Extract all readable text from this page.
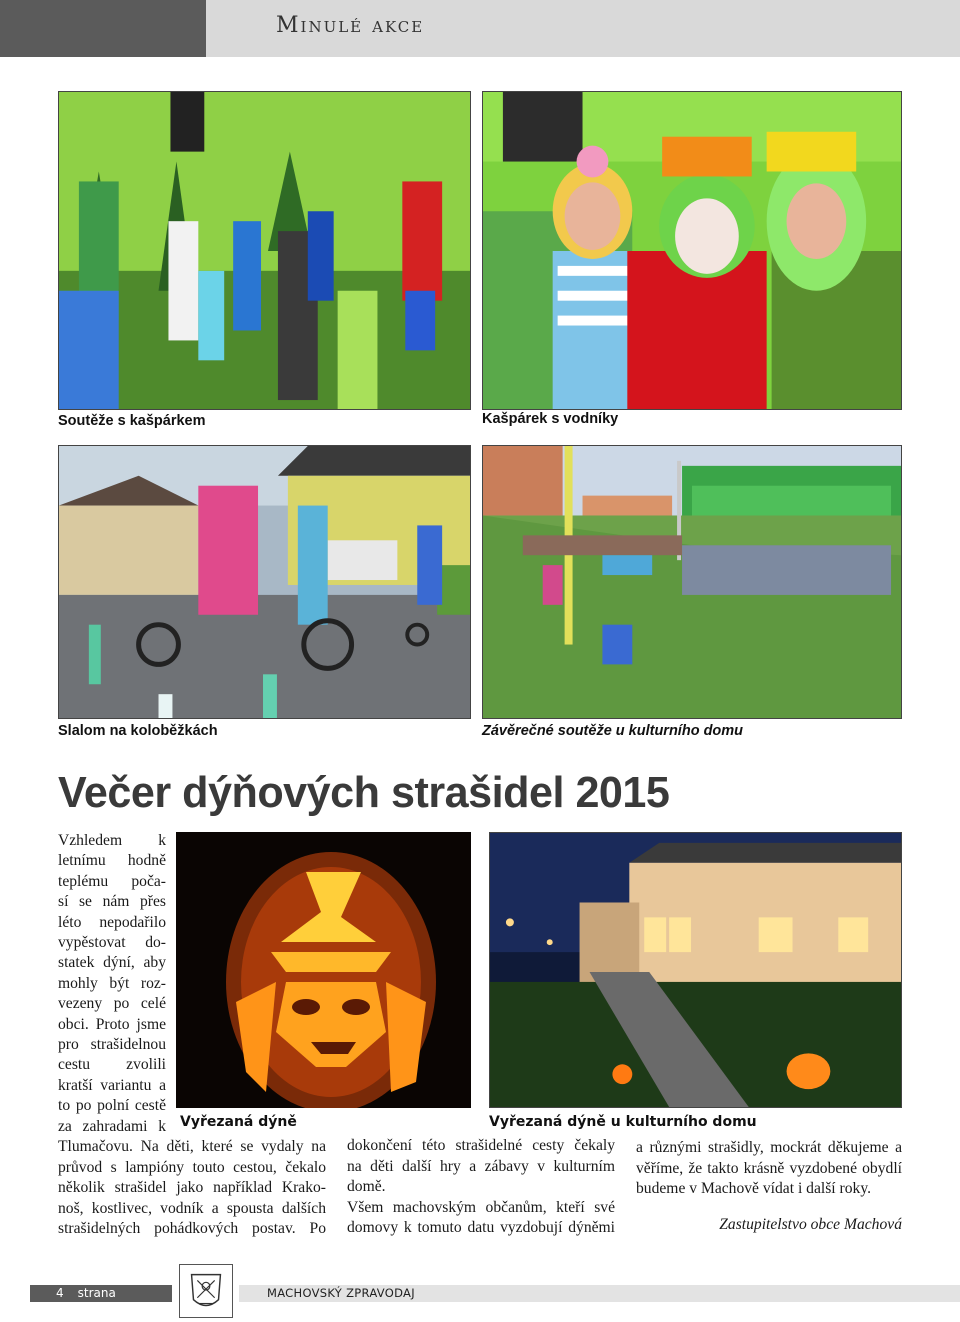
Minulé akce
Soutěže s kašpárkem	Kašpárek s vodníky
Slalom na koloběžkách	Závěrečné soutěže u kulturního domu
Večer dýňových strašidel 2015
Vyřezaná dýně	Vyřezaná dýně u kulturního domu
Vzhledem k
letnímu hodně
teplému poča-
sí se nám přes
léto nepodařilo
vypěstovat do-
statek dýní, aby
mohly být roz-
vezeny po celé
obci. Proto jsme
pro strašidelnou
cestu zvolili
kratší variantu a
to po polní cestě
za zahradami k
Tlumačovu. Na děti, které se vydaly na
průvod s lampióny touto cestou, čekalo
několik strašidel jako například Krako-
noš, kostlivec, vodník a spousta dalších
strašidelných pohádkových postav. Po
dokončení této strašidelné cesty čekaly
na děti další hry a zábavy v kulturním
domě.
Všem machovským občanům, kteří své
domovy k tomuto datu vyzdobují dýněmi
a různými strašidly, mockrát děkujeme a
věříme, že takto krásně vyzdobené obydlí
budeme v Machově vídat i další roky.
Zastupitelstvo obce Machová
4 strana	MACHOVSKÝ ZPRAVODAJ
